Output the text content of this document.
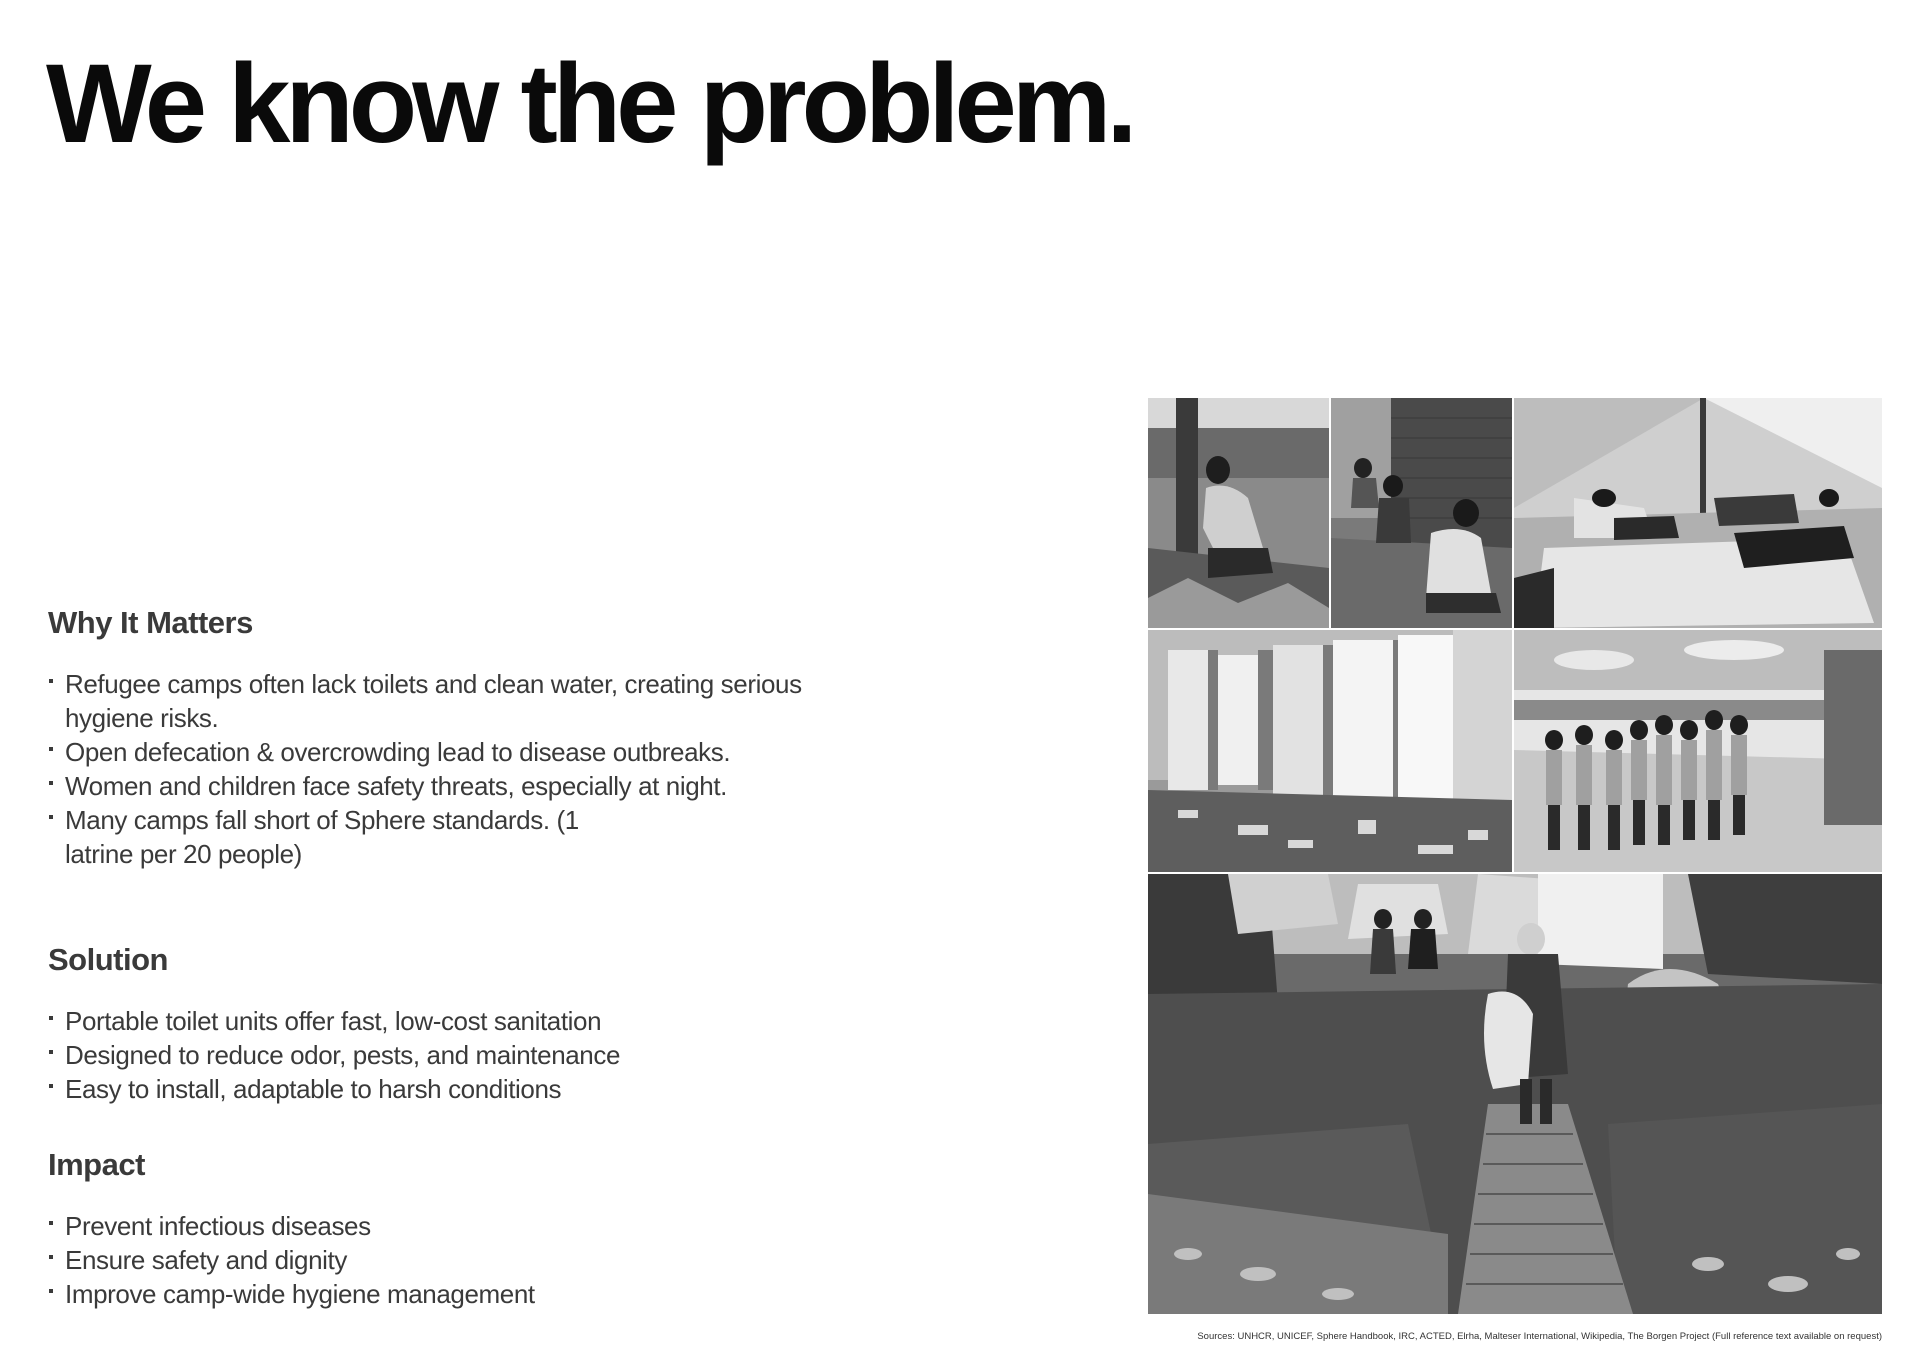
We know the problem.
Why It Matters
Refugee camps often lack toilets and clean water, creating serious hygiene risks.
Open defecation & overcrowding lead to disease outbreaks.
Women and children face safety threats, especially at night.
Many camps fall short of Sphere standards. (1 latrine per 20 people)
Solution
Portable toilet units offer fast, low-cost sanitation
Designed to reduce odor, pests, and maintenance
Easy to install, adaptable to harsh conditions
Impact
Prevent infectious diseases
Ensure safety and dignity
Improve camp-wide hygiene management
Sources: UNHCR, UNICEF, Sphere Handbook, IRC, ACTED, Elrha, Malteser International, Wikipedia, The Borgen Project (Full reference text available on request)
